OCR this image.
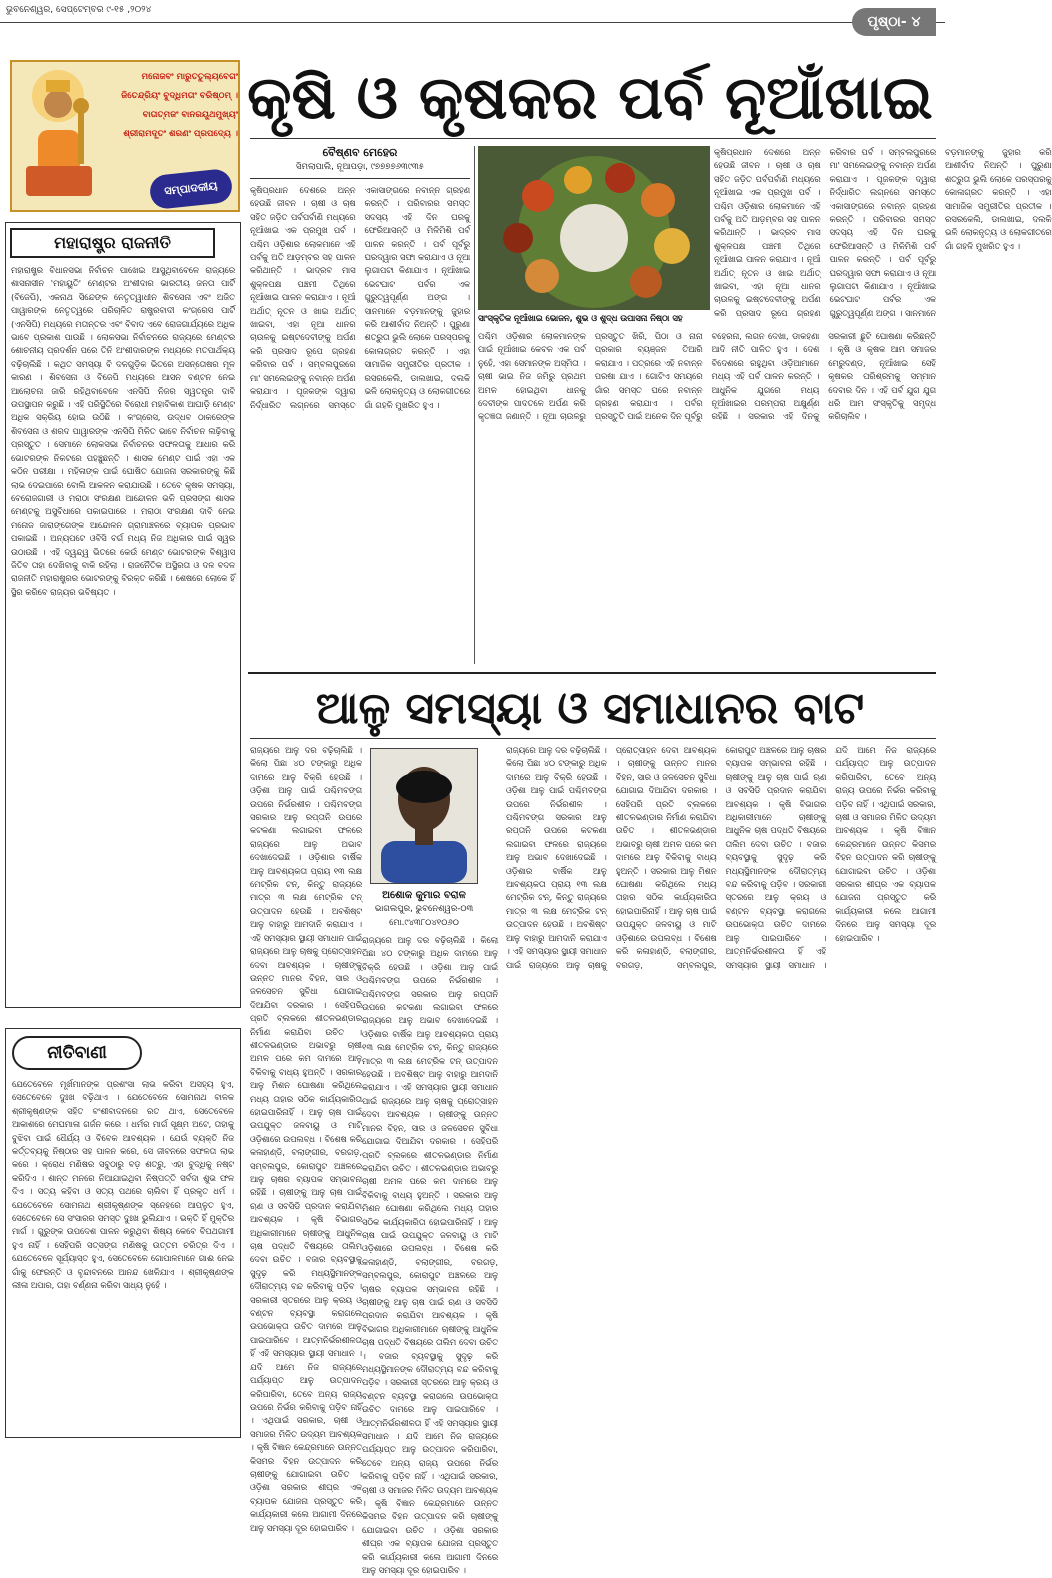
ଭୁବନେଶ୍ୱର, ସେପ୍ଟେମ୍ବର ୯-୧୫ ,୨୦୨୪
ପୃଷ୍ଠା- ୪
ମନୋଜବଂ ମାରୁତତୁଲ୍ୟବେଗଂ
ଜିତେନ୍ଦ୍ରିୟଂ ବୁଦ୍ଧିମତାଂ ବରିଷ୍ଠମ୍ ।
ବାତାତ୍ମଜଂ ବାନରୟୂଥମୁଖ୍ୟଂ
ଶ୍ରୀରାମଦୂତଂ ଶରଣଂ ପ୍ରପଦ୍ୟେ ।
ସମ୍ପାଦକୀୟ
ମହାରାଷ୍ଟ୍ର ରାଜନୀତି
ମହାରାଷ୍ଟ୍ର ବିଧାନସଭା ନିର୍ବାଚନ ପାଖେଇ ଆସୁଥିବାବେଳେ ରାଜ୍ୟରେ ଶାସନାସୀନ 'ମହାୟୁତି' ମେଣ୍ଟର ଅଂଶୀଦାର ଭାରତୀୟ ଜନତା ପାର୍ଟି (ବିଜେପି), ଏକନାଥ ସିନ୍ଦେଙ୍କ ନେତୃତ୍ୱାଧୀନ ଶିବସେନା ଏବଂ ଅଜିତ ପାୱାରଙ୍କ ନେତୃତ୍ୱରେ ପରିଚାଳିତ ରାଷ୍ଟ୍ରବାଦୀ କଂଗ୍ରେସ ପାର୍ଟି (ଏନସିପି) ମଧ୍ୟରେ ମତାନ୍ତର ଏବଂ ବିବାଦ ଏବେ ରୋଜଗାର୍ଯ୍ୟରେ ଅଧିକ ଭାବେ ପ୍ରକାଶ ପାଉଛି । ଲୋକସଭା ନିର୍ବାଚନରେ ରାଜ୍ୟରେ ମେଣ୍ଟର ଶୋଚନୀୟ ପ୍ରଦର୍ଶନ ପରେ ତିନି ଅଂଶୀଦାରଙ୍କ ମଧ୍ୟରେ ମତପାର୍ଥକ୍ୟ ବଢ଼ିଚାଲିଛି । କଥିତ ସମସ୍ୟା ବି ଦଳଗୁଡ଼ିକ ଭିତରେ ଅସନ୍ତୋଷର ମୂଳ କାରଣ । ଶିବସେନା ଓ ବିଜେପି ମଧ୍ୟରେ ଆସନ ବଣ୍ଟନ ନେଇ ଆଲୋଚନା ଜାରି ରହିଥିବାବେଳେ ଏନସିପି ନିଜର ସ୍ୱତନ୍ତ୍ର ଦାବି ଉପସ୍ଥାପନ କରୁଛି । ଏହି ପରିସ୍ଥିତିରେ ବିରୋଧୀ ମହାବିକାଶ ଆଘାଡ଼ି ମେଣ୍ଟ ଅଧିକ ସକ୍ରିୟ ହୋଇ ଉଠିଛି । କଂଗ୍ରେସ, ଉଦ୍ଧବ ଠାକରେଙ୍କ ଶିବସେନା ଓ ଶରଦ ପାୱାରଙ୍କ ଏନସିପି ମିଳିତ ଭାବେ ନିର୍ବାଚନ ଲଢ଼ିବାକୁ ପ୍ରସ୍ତୁତ । ସେମାନେ ଲୋକସଭା ନିର୍ବାଚନର ସଫଳତାକୁ ଆଧାର କରି ଭୋଟରଙ୍କ ନିକଟରେ ପହଞ୍ଚୁଛନ୍ତି । ଶାସକ ମେଣ୍ଟ ପାଇଁ ଏହା ଏକ କଠିନ ପରୀକ୍ଷା । ମହିଳାଙ୍କ ପାଇଁ ଘୋଷିତ ଯୋଜନା ସରକାରଙ୍କୁ କିଛି ଲାଭ ଦେଇପାରେ ବୋଲି ଆକଳନ କରାଯାଉଛି । ତେବେ କୃଷକ ସମସ୍ୟା, ବେରୋଜଗାରୀ ଓ ମରାଠା ସଂରକ୍ଷଣ ଆନ୍ଦୋଳନ ଭଳି ପ୍ରସଙ୍ଗ ଶାସକ ମେଣ୍ଟକୁ ଅସୁବିଧାରେ ପକାଇପାରେ । ମରାଠା ସଂରକ୍ଷଣ ଦାବି ନେଇ ମନୋଜ ଜାରାଙ୍ଗେଙ୍କ ଆନ୍ଦୋଳନ ଗ୍ରାମାଞ୍ଚଳରେ ବ୍ୟାପକ ପ୍ରଭାବ ପକାଇଛି । ଅନ୍ୟପଟେ ଓବିସି ବର୍ଗ ମଧ୍ୟ ନିଜ ଅଧିକାର ପାଇଁ ସ୍ୱର ଉଠାଉଛି । ଏହି ଦ୍ୱନ୍ଦ୍ୱ ଭିତରେ କେଉଁ ମେଣ୍ଟ ଭୋଟରଙ୍କ ବିଶ୍ୱାସ ଜିତିବ ତାହା ଦେଖିବାକୁ ବାକି ରହିଲା । ରାଜନୈତିକ ଅସ୍ଥିରତା ଓ ଦଳ ବଦଳ ରାଜନୀତି ମହାରାଷ୍ଟ୍ରର ଭୋଟରଙ୍କୁ ବିରକ୍ତ କରିଛି । ଶେଷରେ ଲୋକେ ହିଁ ସ୍ଥିର କରିବେ ରାଜ୍ୟର ଭବିଷ୍ୟତ ।
ନୀତିବାଣୀ
ଯେତେବେଳେ ମୂର୍ଖମାନଙ୍କ ପ୍ରଶଂସା ଲାଭ କରିବା ଅସହ୍ୟ ହୁଏ, ସେତେବେଳେ ଦୁଃଖ ବଢ଼ିଥାଏ । ଯେତେବେଳେ ସୋମନାଥ ବାଳକ ଶ୍ରୀକୃଷ୍ଣଙ୍କ ସହିତ ବଂଶୀବାଦନରେ ରତ ଥାଏ, ସେତେବେଳେ ଆକାଶରେ ମେଘମାଳା ଗର୍ଜନ କରେ । ଧର୍ମର ମାର୍ଗ ସୂକ୍ଷ୍ମ ଅଟେ, ତାହାକୁ ବୁଝିବା ପାଇଁ ଧୈର୍ଯ୍ୟ ଓ ବିବେକ ଆବଶ୍ୟକ । ଯେଉଁ ବ୍ୟକ୍ତି ନିଜ କର୍ତ୍ତବ୍ୟକୁ ନିଷ୍ଠାର ସହ ପାଳନ କରେ, ସେ ଜୀବନରେ ସଫଳତା ଲାଭ କରେ । କ୍ରୋଧ ମଣିଷର ସବୁଠାରୁ ବଡ଼ ଶତ୍ରୁ, ଏହା ବୁଦ୍ଧିକୁ ନଷ୍ଟ କରିଦିଏ । ଶାନ୍ତ ମନରେ ନିଆଯାଇଥିବା ନିଷ୍ପତ୍ତି ସର୍ବଦା ଶୁଭ ଫଳ ଦିଏ । ସତ୍ୟ କହିବା ଓ ସତ୍ୟ ପଥରେ ଚାଲିବା ହିଁ ପ୍ରକୃତ ଧର୍ମ । ଯେତେବେଳେ ସୋମନାଥ ଶ୍ରୀକୃଷ୍ଣଙ୍କ ସ୍ନେହରେ ଆପ୍ଳୁତ ହୁଏ, ସେତେବେଳେ ସେ ସଂସାରର ସମସ୍ତ ଦୁଃଖ ଭୁଲିଯାଏ । ଭକ୍ତି ହିଁ ମୁକ୍ତିର ମାର୍ଗ । ଗୁରୁଙ୍କ ଉପଦେଶ ପାଳନ କରୁଥିବା ଶିଷ୍ୟ କେବେ ବିପଥଗାମୀ ହୁଏ ନାହିଁ । ସେହିପରି ସତ୍ସଙ୍ଗ ମଣିଷକୁ ଉତ୍ତମ ଚରିତ୍ର ଦିଏ । ଯେତେବେଳେ ସୂର୍ଯ୍ୟାସ୍ତ ହୁଏ, ସେତେବେଳେ ଗୋପାଳମାନେ ଗାଈ ନେଇ ଗାଁକୁ ଫେରନ୍ତି ଓ ବୃନ୍ଦାବନରେ ଆନନ୍ଦ ଖେଳିଯାଏ । ଶ୍ରୀକୃଷ୍ଣଙ୍କ ଲୀଳା ଅପାର, ତାହା ବର୍ଣ୍ଣନା କରିବା ସାଧ୍ୟ ନୁହେଁ ।
କୃଷି ଓ କୃଷକର ପର୍ବ ନୂଆଁଖାଇ
ବୈଷ୍ଣବ ମେହେର
ସିମଲାପାଲି, ନୂଆପଡ଼ା, ୯୭୭୭୭୬୩୯୩୫
ସାଂସ୍କୃତିକ ନୂଆଁଖାଇ ଭୋଜନ, ଶୁଭ ଓ ଶୁଦ୍ଧ ଉପାସନା ନିଷ୍ଠା ସହ
କୃଷିପ୍ରଧାନ ଦେଶରେ ଅନ୍ନ ହେଉଛି ଜୀବନ । ଚାଷୀ ଓ ଚାଷ ସହିତ ଜଡ଼ିତ ପର୍ବପର୍ବାଣି ମଧ୍ୟରେ ନୂଆଁଖାଇ ଏକ ପ୍ରମୁଖ ପର୍ବ । ପଶ୍ଚିମ ଓଡ଼ିଶାର ଲୋକମାନେ ଏହି ପର୍ବକୁ ଅତି ଆଡ଼ମ୍ବର ସହ ପାଳନ କରିଥାନ୍ତି । ଭାଦ୍ରବ ମାସ ଶୁକ୍ଳପକ୍ଷ ପଞ୍ଚମୀ ତିଥିରେ ନୂଆଁଖାଇ ପାଳନ କରାଯାଏ । ନୂଆଁ ଅର୍ଥାତ୍ ନୂତନ ଓ ଖାଇ ଅର୍ଥାତ୍ ଖାଇବା, ଏହା ନୂଆ ଧାନର ଚାଉଳକୁ ଇଷ୍ଟଦେବୀଙ୍କୁ ଅର୍ପଣ କରି ପ୍ରସାଦ ରୂପେ ଗ୍ରହଣ କରିବାର ପର୍ବ । ସମ୍ବଲପୁରରେ ମା' ସମଲେଇଙ୍କୁ ନବାନ୍ନ ଅର୍ପଣ କରାଯାଏ । ପୂଜକଙ୍କ ଦ୍ୱାରା ନିର୍ଦ୍ଧାରିତ ଲଗ୍ନରେ ସମସ୍ତେ ଏକାସାଙ୍ଗରେ ନବାନ୍ନ ଗ୍ରହଣ କରନ୍ତି । ପରିବାରର ସମସ୍ତ ସଦସ୍ୟ ଏହି ଦିନ ଘରକୁ ଫେରିଆସନ୍ତି ଓ ମିଳିମିଶି ପର୍ବ ପାଳନ କରନ୍ତି । ପର୍ବ ପୂର୍ବରୁ ଘରଦ୍ୱାର ସଫା କରାଯାଏ ଓ ନୂଆ ଲୁଗାପଟା କିଣାଯାଏ । ନୂଆଁଖାଇ ଭେଟଘାଟ ପର୍ବର ଏକ ଗୁରୁତ୍ୱପୂର୍ଣ୍ଣ ଅଙ୍ଗ । ସାନମାନେ ବଡ଼ମାନଙ୍କୁ ଜୁହାର କରି ଆଶୀର୍ବାଦ ନିଅନ୍ତି । ପୁରୁଣା ଶତ୍ରୁତା ଭୁଲି ଲୋକେ ପରସ୍ପରକୁ କୋଳାଗ୍ରତ କରନ୍ତି । ଏହା ସାମାଜିକ ସମ୍ପ୍ରୀତିର ପ୍ରତୀକ । ରସରକେଲି, ଡାଲଖାଇ, ଦଲକି ଭଳି ଲୋକନୃତ୍ୟ ଓ ଲୋକଗୀତରେ ଗାଁ ଗହଳି ମୁଖରିତ ହୁଏ ।
ପଶ୍ଚିମ ଓଡ଼ିଶାର ଲୋକମାନଙ୍କ ପାଇଁ ନୂଆଁଖାଇ କେବଳ ଏକ ପର୍ବ ନୁହେଁ, ଏହା ସେମାନଙ୍କ ଅସ୍ମିତା । ଚାଷୀ ଭାଇ ନିଜ ଜମିରୁ ପ୍ରଥମ ଅମଳ ହୋଇଥିବା ଧାନକୁ ଦେବୀଙ୍କ ପାଦତଳେ ଅର୍ପଣ କରି କୃତଜ୍ଞତା ଜଣାନ୍ତି । ନୂଆ ଚାଉଳରୁ ପ୍ରସ୍ତୁତ ଖିରି, ପିଠା ଓ ନାନା ପ୍ରକାର ବ୍ୟଞ୍ଜନ ତିଆରି କରାଯାଏ । ପତ୍ରରେ ଏହି ନବାନ୍ନ ପରଷା ଯାଏ । ଗୋଟିଏ ସମୟରେ ଗାଁର ସମସ୍ତ ଘରେ ନବାନ୍ନ ଗ୍ରହଣ କରାଯାଏ । ପର୍ବର ପ୍ରସ୍ତୁତି ପାଇଁ ଅନେକ ଦିନ ପୂର୍ବରୁ ବହେରନା, ଲଗନ ଦେଖା, ଡାକହଣା ଆଦି ନୀତି ପାଳିତ ହୁଏ । ଦେଶ ବିଦେଶରେ ରହୁଥିବା ଓଡ଼ିଆମାନେ ମଧ୍ୟ ଏହି ପର୍ବ ପାଳନ କରନ୍ତି । ଆଧୁନିକ ଯୁଗରେ ମଧ୍ୟ ନୂଆଁଖାଇର ପରମ୍ପରା ଅକ୍ଷୁର୍ଣ୍ଣ ରହିଛି । ସରକାର ଏହି ଦିନକୁ ସରକାରୀ ଛୁଟି ଘୋଷଣା କରିଛନ୍ତି । କୃଷି ଓ କୃଷକ ଆମ ସମାଜର ମେରୁଦଣ୍ଡ, ନୂଆଁଖାଇ ସେହି କୃଷକର ପରିଶ୍ରମକୁ ସମ୍ମାନ ଦେବାର ଦିନ । ଏହି ପର୍ବ ଯୁଗ ଯୁଗ ଧରି ଆମ ସଂସ୍କୃତିକୁ ସମୃଦ୍ଧ କରିଚାଲିବ ।
କୃଷିପ୍ରଧାନ ଦେଶରେ ଅନ୍ନ ହେଉଛି ଜୀବନ । ଚାଷୀ ଓ ଚାଷ ସହିତ ଜଡ଼ିତ ପର୍ବପର୍ବାଣି ମଧ୍ୟରେ ନୂଆଁଖାଇ ଏକ ପ୍ରମୁଖ ପର୍ବ । ପଶ୍ଚିମ ଓଡ଼ିଶାର ଲୋକମାନେ ଏହି ପର୍ବକୁ ଅତି ଆଡ଼ମ୍ବର ସହ ପାଳନ କରିଥାନ୍ତି । ଭାଦ୍ରବ ମାସ ଶୁକ୍ଳପକ୍ଷ ପଞ୍ଚମୀ ତିଥିରେ ନୂଆଁଖାଇ ପାଳନ କରାଯାଏ । ନୂଆଁ ଅର୍ଥାତ୍ ନୂତନ ଓ ଖାଇ ଅର୍ଥାତ୍ ଖାଇବା, ଏହା ନୂଆ ଧାନର ଚାଉଳକୁ ଇଷ୍ଟଦେବୀଙ୍କୁ ଅର୍ପଣ କରି ପ୍ରସାଦ ରୂପେ ଗ୍ରହଣ କରିବାର ପର୍ବ । ସମ୍ବଲପୁରରେ ମା' ସମଲେଇଙ୍କୁ ନବାନ୍ନ ଅର୍ପଣ କରାଯାଏ । ପୂଜକଙ୍କ ଦ୍ୱାରା ନିର୍ଦ୍ଧାରିତ ଲଗ୍ନରେ ସମସ୍ତେ ଏକାସାଙ୍ଗରେ ନବାନ୍ନ ଗ୍ରହଣ କରନ୍ତି । ପରିବାରର ସମସ୍ତ ସଦସ୍ୟ ଏହି ଦିନ ଘରକୁ ଫେରିଆସନ୍ତି ଓ ମିଳିମିଶି ପର୍ବ ପାଳନ କରନ୍ତି । ପର୍ବ ପୂର୍ବରୁ ଘରଦ୍ୱାର ସଫା କରାଯାଏ ଓ ନୂଆ ଲୁଗାପଟା କିଣାଯାଏ । ନୂଆଁଖାଇ ଭେଟଘାଟ ପର୍ବର ଏକ ଗୁରୁତ୍ୱପୂର୍ଣ୍ଣ ଅଙ୍ଗ । ସାନମାନେ ବଡ଼ମାନଙ୍କୁ ଜୁହାର କରି ଆଶୀର୍ବାଦ ନିଅନ୍ତି । ପୁରୁଣା ଶତ୍ରୁତା ଭୁଲି ଲୋକେ ପରସ୍ପରକୁ କୋଳାଗ୍ରତ କରନ୍ତି । ଏହା ସାମାଜିକ ସମ୍ପ୍ରୀତିର ପ୍ରତୀକ । ରସରକେଲି, ଡାଲଖାଇ, ଦଲକି ଭଳି ଲୋକନୃତ୍ୟ ଓ ଲୋକଗୀତରେ ଗାଁ ଗହଳି ମୁଖରିତ ହୁଏ ।
ଆଳୁ ସମସ୍ୟା ଓ ସମାଧାନର ବାଟ
ଅଶୋକ କୁମାର ବରାଳ
ଭାଗଲପୁର, ଭୁବନେଶ୍ୱର-୦୩
ମୋ.୯୪୩୮୦୪୧୦୬୦
ରାଜ୍ୟରେ ଆଳୁ ଦର ବଢ଼ିଚାଲିଛି । କିଲୋ ପିଛା ୪୦ ଟଙ୍କାରୁ ଅଧିକ ଦାମରେ ଆଳୁ ବିକ୍ରି ହେଉଛି । ଓଡ଼ିଶା ଆଳୁ ପାଇଁ ପଶ୍ଚିମବଙ୍ଗ ଉପରେ ନିର୍ଭରଶୀଳ । ପଶ୍ଚିମବଙ୍ଗ ସରକାର ଆଳୁ ରପ୍ତାନି ଉପରେ କଟକଣା ଲଗାଇବା ଫଳରେ ରାଜ୍ୟରେ ଆଳୁ ଅଭାବ ଦେଖାଦେଇଛି । ଓଡ଼ିଶାର ବାର୍ଷିକ ଆଳୁ ଆବଶ୍ୟକତା ପ୍ରାୟ ୧୩ ଲକ୍ଷ ମେଟ୍ରିକ ଟନ୍, କିନ୍ତୁ ରାଜ୍ୟରେ ମାତ୍ର ୩ ଲକ୍ଷ ମେଟ୍ରିକ ଟନ୍ ଉତ୍ପାଦନ ହେଉଛି । ଅବଶିଷ୍ଟ ଆଳୁ ବାହାରୁ ଆମଦାନି କରାଯାଏ । ଏହି ସମସ୍ୟାର ସ୍ଥାୟୀ ସମାଧାନ ପାଇଁ ରାଜ୍ୟରେ ଆଳୁ ଚାଷକୁ ପ୍ରୋତ୍ସାହନ ଦେବା ଆବଶ୍ୟକ । ଚାଷୀଙ୍କୁ ଉନ୍ନତ ମାନର ବିହନ, ସାର ଓ ଜଳସେଚନ ସୁବିଧା ଯୋଗାଇ ଦିଆଯିବା ଦରକାର । ସେହିପରି ପ୍ରତି ବ୍ଲକରେ ଶୀତଳଭଣ୍ଡାର ନିର୍ମାଣ କରାଯିବା ଉଚିତ । ଶୀତଳଭଣ୍ଡାର ଅଭାବରୁ ଚାଷୀ ଅମଳ ପରେ କମ ଦାମରେ ଆଳୁ ବିକିବାକୁ ବାଧ୍ୟ ହୁଅନ୍ତି । ସରକାର ଆଳୁ ମିଶନ ଘୋଷଣା କରିଥିଲେ ମଧ୍ୟ ତାହାର ସଠିକ କାର୍ଯ୍ୟକାରିତା ହୋଇପାରିନାହିଁ । ଆଳୁ ଚାଷ ପାଇଁ ଉପଯୁକ୍ତ ଜଳବାୟୁ ଓ ମାଟି ଓଡ଼ିଶାରେ ଉପଲବ୍ଧ । ବିଶେଷ କରି କଳାହାଣ୍ଡି, ବଲାଙ୍ଗୀର, ବରଗଡ଼, ସମ୍ବଲପୁର, କୋରାପୁଟ ଅଞ୍ଚଳରେ ଆଳୁ ଚାଷର ବ୍ୟାପକ ସମ୍ଭାବନା ରହିଛି । ଚାଷୀଙ୍କୁ ଆଳୁ ଚାଷ ପାଇଁ ଋଣ ଓ ସବସିଡି ପ୍ରଦାନ କରାଯିବା ଆବଶ୍ୟକ । କୃଷି ବିଭାଗର ଅଧିକାରୀମାନେ ଚାଷୀଙ୍କୁ ଆଧୁନିକ ଚାଷ ପଦ୍ଧତି ବିଷୟରେ ତାଲିମ ଦେବା ଉଚିତ । ବଜାର ବ୍ୟବସ୍ଥାକୁ ସୁଦୃଢ଼ କରି ମଧ୍ୟସ୍ଥିମାନଙ୍କ ଦୌରାତ୍ମ୍ୟ ବନ୍ଦ କରିବାକୁ ପଡ଼ିବ । ସରକାରୀ ସ୍ତରରେ ଆଳୁ କ୍ରୟ ଓ ବଣ୍ଟନ ବ୍ୟବସ୍ଥା କରାଗଲେ ଉପଭୋକ୍ତା ଉଚିତ ଦାମରେ ଆଳୁ ପାଇପାରିବେ । ଆତ୍ମନିର୍ଭରଶୀଳତା ହିଁ ଏହି ସମସ୍ୟାର ସ୍ଥାୟୀ ସମାଧାନ । ଯଦି ଆମେ ନିଜ ରାଜ୍ୟରେ ପର୍ଯ୍ୟାପ୍ତ ଆଳୁ ଉତ୍ପାଦନ କରିପାରିବା, ତେବେ ଅନ୍ୟ ରାଜ୍ୟ ଉପରେ ନିର୍ଭର କରିବାକୁ ପଡ଼ିବ ନାହିଁ । ଏଥିପାଇଁ ସରକାର, ଚାଷୀ ଓ ସମାଜର ମିଳିତ ଉଦ୍ୟମ ଆବଶ୍ୟକ । କୃଷି ବିଜ୍ଞାନ କେନ୍ଦ୍ରମାନେ ଉନ୍ନତ କିସମର ବିହନ ଉତ୍ପାଦନ କରି ଚାଷୀଙ୍କୁ ଯୋଗାଇବା ଉଚିତ । ଓଡ଼ିଶା ସରକାର ଶୀଘ୍ର ଏକ ବ୍ୟାପକ ଯୋଜନା ପ୍ରସ୍ତୁତ କରି କାର୍ଯ୍ୟକାରୀ କଲେ ଆଗାମୀ ଦିନରେ ଆଳୁ ସମସ୍ୟା ଦୂର ହୋଇପାରିବ ।
ରାଜ୍ୟରେ ଆଳୁ ଦର ବଢ଼ିଚାଲିଛି । କିଲୋ ପିଛା ୪୦ ଟଙ୍କାରୁ ଅଧିକ ଦାମରେ ଆଳୁ ବିକ୍ରି ହେଉଛି । ଓଡ଼ିଶା ଆଳୁ ପାଇଁ ପଶ୍ଚିମବଙ୍ଗ ଉପରେ ନିର୍ଭରଶୀଳ । ପଶ୍ଚିମବଙ୍ଗ ସରକାର ଆଳୁ ରପ୍ତାନି ଉପରେ କଟକଣା ଲଗାଇବା ଫଳରେ ରାଜ୍ୟରେ ଆଳୁ ଅଭାବ ଦେଖାଦେଇଛି । ଓଡ଼ିଶାର ବାର୍ଷିକ ଆଳୁ ଆବଶ୍ୟକତା ପ୍ରାୟ ୧୩ ଲକ୍ଷ ମେଟ୍ରିକ ଟନ୍, କିନ୍ତୁ ରାଜ୍ୟରେ ମାତ୍ର ୩ ଲକ୍ଷ ମେଟ୍ରିକ ଟନ୍ ଉତ୍ପାଦନ ହେଉଛି । ଅବଶିଷ୍ଟ ଆଳୁ ବାହାରୁ ଆମଦାନି କରାଯାଏ । ଏହି ସମସ୍ୟାର ସ୍ଥାୟୀ ସମାଧାନ ପାଇଁ ରାଜ୍ୟରେ ଆଳୁ ଚାଷକୁ ପ୍ରୋତ୍ସାହନ ଦେବା ଆବଶ୍ୟକ । ଚାଷୀଙ୍କୁ ଉନ୍ନତ ମାନର ବିହନ, ସାର ଓ ଜଳସେଚନ ସୁବିଧା ଯୋଗାଇ ଦିଆଯିବା ଦରକାର । ସେହିପରି ପ୍ରତି ବ୍ଲକରେ ଶୀତଳଭଣ୍ଡାର ନିର୍ମାଣ କରାଯିବା ଉଚିତ । ଶୀତଳଭଣ୍ଡାର ଅଭାବରୁ ଚାଷୀ ଅମଳ ପରେ କମ ଦାମରେ ଆଳୁ ବିକିବାକୁ ବାଧ୍ୟ ହୁଅନ୍ତି । ସରକାର ଆଳୁ ମିଶନ ଘୋଷଣା କରିଥିଲେ ମଧ୍ୟ ତାହାର ସଠିକ କାର୍ଯ୍ୟକାରିତା ହୋଇପାରିନାହିଁ । ଆଳୁ ଚାଷ ପାଇଁ ଉପଯୁକ୍ତ ଜଳବାୟୁ ଓ ମାଟି ଓଡ଼ିଶାରେ ଉପଲବ୍ଧ । ବିଶେଷ କରି କଳାହାଣ୍ଡି, ବଲାଙ୍ଗୀର, ବରଗଡ଼, ସମ୍ବଲପୁର, କୋରାପୁଟ ଅଞ୍ଚଳରେ ଆଳୁ ଚାଷର ବ୍ୟାପକ ସମ୍ଭାବନା ରହିଛି । ଚାଷୀଙ୍କୁ ଆଳୁ ଚାଷ ପାଇଁ ଋଣ ଓ ସବସିଡି ପ୍ରଦାନ କରାଯିବା ଆବଶ୍ୟକ । କୃଷି ବିଭାଗର ଅଧିକାରୀମାନେ ଚାଷୀଙ୍କୁ ଆଧୁନିକ ଚାଷ ପଦ୍ଧତି ବିଷୟରେ ତାଲିମ ଦେବା ଉଚିତ । ବଜାର ବ୍ୟବସ୍ଥାକୁ ସୁଦୃଢ଼ କରି ମଧ୍ୟସ୍ଥିମାନଙ୍କ ଦୌରାତ୍ମ୍ୟ ବନ୍ଦ କରିବାକୁ ପଡ଼ିବ । ସରକାରୀ ସ୍ତରରେ ଆଳୁ କ୍ରୟ ଓ ବଣ୍ଟନ ବ୍ୟବସ୍ଥା କରାଗଲେ ଉପଭୋକ୍ତା ଉଚିତ ଦାମରେ ଆଳୁ ପାଇପାରିବେ । ଆତ୍ମନିର୍ଭରଶୀଳତା ହିଁ ଏହି ସମସ୍ୟାର ସ୍ଥାୟୀ ସମାଧାନ । ଯଦି ଆମେ ନିଜ ରାଜ୍ୟରେ ପର୍ଯ୍ୟାପ୍ତ ଆଳୁ ଉତ୍ପାଦନ କରିପାରିବା, ତେବେ ଅନ୍ୟ ରାଜ୍ୟ ଉପରେ ନିର୍ଭର କରିବାକୁ ପଡ଼ିବ ନାହିଁ । ଏଥିପାଇଁ ସରକାର, ଚାଷୀ ଓ ସମାଜର ମିଳିତ ଉଦ୍ୟମ ଆବଶ୍ୟକ । କୃଷି ବିଜ୍ଞାନ କେନ୍ଦ୍ରମାନେ ଉନ୍ନତ କିସମର ବିହନ ଉତ୍ପାଦନ କରି ଚାଷୀଙ୍କୁ ଯୋଗାଇବା ଉଚିତ । ଓଡ଼ିଶା ସରକାର ଶୀଘ୍ର ଏକ ବ୍ୟାପକ ଯୋଜନା ପ୍ରସ୍ତୁତ କରି କାର୍ଯ୍ୟକାରୀ କଲେ ଆଗାମୀ ଦିନରେ ଆଳୁ ସମସ୍ୟା ଦୂର ହୋଇପାରିବ ।
ରାଜ୍ୟରେ ଆଳୁ ଦର ବଢ଼ିଚାଲିଛି । କିଲୋ ପିଛା ୪୦ ଟଙ୍କାରୁ ଅଧିକ ଦାମରେ ଆଳୁ ବିକ୍ରି ହେଉଛି । ଓଡ଼ିଶା ଆଳୁ ପାଇଁ ପଶ୍ଚିମବଙ୍ଗ ଉପରେ ନିର୍ଭରଶୀଳ । ପଶ୍ଚିମବଙ୍ଗ ସରକାର ଆଳୁ ରପ୍ତାନି ଉପରେ କଟକଣା ଲଗାଇବା ଫଳରେ ରାଜ୍ୟରେ ଆଳୁ ଅଭାବ ଦେଖାଦେଇଛି । ଓଡ଼ିଶାର ବାର୍ଷିକ ଆଳୁ ଆବଶ୍ୟକତା ପ୍ରାୟ ୧୩ ଲକ୍ଷ ମେଟ୍ରିକ ଟନ୍, କିନ୍ତୁ ରାଜ୍ୟରେ ମାତ୍ର ୩ ଲକ୍ଷ ମେଟ୍ରିକ ଟନ୍ ଉତ୍ପାଦନ ହେଉଛି । ଅବଶିଷ୍ଟ ଆଳୁ ବାହାରୁ ଆମଦାନି କରାଯାଏ । ଏହି ସମସ୍ୟାର ସ୍ଥାୟୀ ସମାଧାନ ପାଇଁ ରାଜ୍ୟରେ ଆଳୁ ଚାଷକୁ ପ୍ରୋତ୍ସାହନ ଦେବା ଆବଶ୍ୟକ । ଚାଷୀଙ୍କୁ ଉନ୍ନତ ମାନର ବିହନ, ସାର ଓ ଜଳସେଚନ ସୁବିଧା ଯୋଗାଇ ଦିଆଯିବା ଦରକାର । ସେହିପରି ପ୍ରତି ବ୍ଲକରେ ଶୀତଳଭଣ୍ଡାର ନିର୍ମାଣ କରାଯିବା ଉଚିତ । ଶୀତଳଭଣ୍ଡାର ଅଭାବରୁ ଚାଷୀ ଅମଳ ପରେ କମ ଦାମରେ ଆଳୁ ବିକିବାକୁ ବାଧ୍ୟ ହୁଅନ୍ତି । ସରକାର ଆଳୁ ମିଶନ ଘୋଷଣା କରିଥିଲେ ମଧ୍ୟ ତାହାର ସଠିକ କାର୍ଯ୍ୟକାରିତା ହୋଇପାରିନାହିଁ । ଆଳୁ ଚାଷ ପାଇଁ ଉପଯୁକ୍ତ ଜଳବାୟୁ ଓ ମାଟି ଓଡ଼ିଶାରେ ଉପଲବ୍ଧ । ବିଶେଷ କରି କଳାହାଣ୍ଡି, ବଲାଙ୍ଗୀର, ବରଗଡ଼, ସମ୍ବଲପୁର, କୋରାପୁଟ ଅଞ୍ଚଳରେ ଆଳୁ ଚାଷର ବ୍ୟାପକ ସମ୍ଭାବନା ରହିଛି । ଚାଷୀଙ୍କୁ ଆଳୁ ଚାଷ ପାଇଁ ଋଣ ଓ ସବସିଡି ପ୍ରଦାନ କରାଯିବା ଆବଶ୍ୟକ । କୃଷି ବିଭାଗର ଅଧିକାରୀମାନେ ଚାଷୀଙ୍କୁ ଆଧୁନିକ ଚାଷ ପଦ୍ଧତି ବିଷୟରେ ତାଲିମ ଦେବା ଉଚିତ । ବଜାର ବ୍ୟବସ୍ଥାକୁ ସୁଦୃଢ଼ କରି ମଧ୍ୟସ୍ଥିମାନଙ୍କ ଦୌରାତ୍ମ୍ୟ ବନ୍ଦ କରିବାକୁ ପଡ଼ିବ । ସରକାରୀ ସ୍ତରରେ ଆଳୁ କ୍ରୟ ଓ ବଣ୍ଟନ ବ୍ୟବସ୍ଥା କରାଗଲେ ଉପଭୋକ୍ତା ଉଚିତ ଦାମରେ ଆଳୁ ପାଇପାରିବେ । ଆତ୍ମନିର୍ଭରଶୀଳତା ହିଁ ଏହି ସମସ୍ୟାର ସ୍ଥାୟୀ ସମାଧାନ । ଯଦି ଆମେ ନିଜ ରାଜ୍ୟରେ ପର୍ଯ୍ୟାପ୍ତ ଆଳୁ ଉତ୍ପାଦନ କରିପାରିବା, ତେବେ ଅନ୍ୟ ରାଜ୍ୟ ଉପରେ ନିର୍ଭର କରିବାକୁ ପଡ଼ିବ ନାହିଁ । ଏଥିପାଇଁ ସରକାର, ଚାଷୀ ଓ ସମାଜର ମିଳିତ ଉଦ୍ୟମ ଆବଶ୍ୟକ । କୃଷି ବିଜ୍ଞାନ କେନ୍ଦ୍ରମାନେ ଉନ୍ନତ କିସମର ବିହନ ଉତ୍ପାଦନ କରି ଚାଷୀଙ୍କୁ ଯୋଗାଇବା ଉଚିତ । ଓଡ଼ିଶା ସରକାର ଶୀଘ୍ର ଏକ ବ୍ୟାପକ ଯୋଜନା ପ୍ରସ୍ତୁତ କରି କାର୍ଯ୍ୟକାରୀ କଲେ ଆଗାମୀ ଦିନରେ ଆଳୁ ସମସ୍ୟା ଦୂର ହୋଇପାରିବ ।
